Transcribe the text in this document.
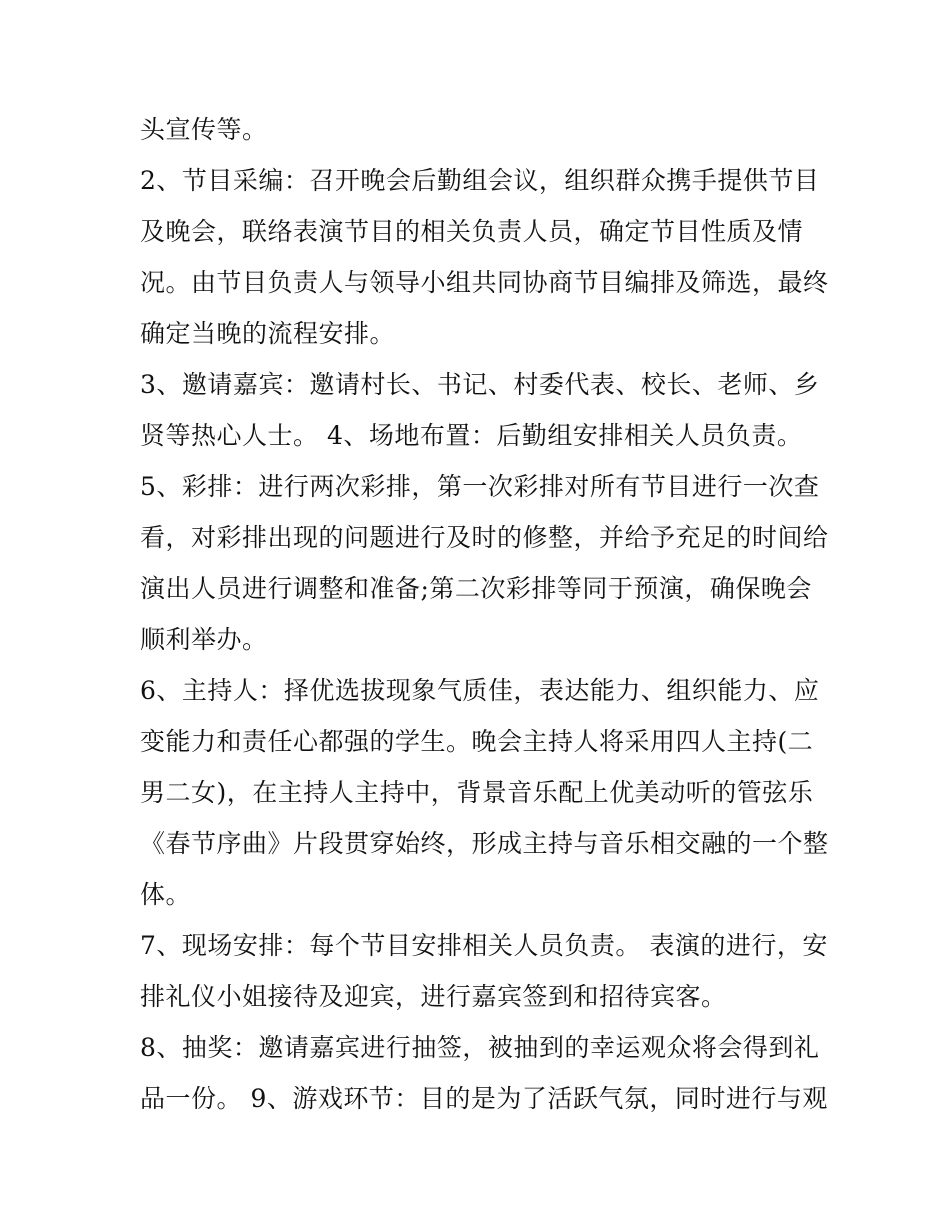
头宣传等。
2、节目采编：召开晚会后勤组会议，组织群众携手提供节目
及晚会，联络表演节目的相关负责人员，确定节目性质及情
况。由节目负责人与领导小组共同协商节目编排及筛选，最终
确定当晚的流程安排。
3、邀请嘉宾：邀请村长、书记、村委代表、校长、老师、乡
贤等热心人士。 4、场地布置：后勤组安排相关人员负责。
5、彩排：进行两次彩排，第一次彩排对所有节目进行一次查
看，对彩排出现的问题进行及时的修整，并给予充足的时间给
演出人员进行调整和准备;第二次彩排等同于预演，确保晚会
顺利举办。
6、主持人：择优选拔现象气质佳，表达能力、组织能力、应
变能力和责任心都强的学生。晚会主持人将采用四人主持(二
男二女)，在主持人主持中，背景音乐配上优美动听的管弦乐
《春节序曲》片段贯穿始终，形成主持与音乐相交融的一个整
体。
7、现场安排：每个节目安排相关人员负责。 表演的进行，安
排礼仪小姐接待及迎宾，进行嘉宾签到和招待宾客。
8、抽奖：邀请嘉宾进行抽签，被抽到的幸运观众将会得到礼
品一份。 9、游戏环节：目的是为了活跃气氛，同时进行与观
